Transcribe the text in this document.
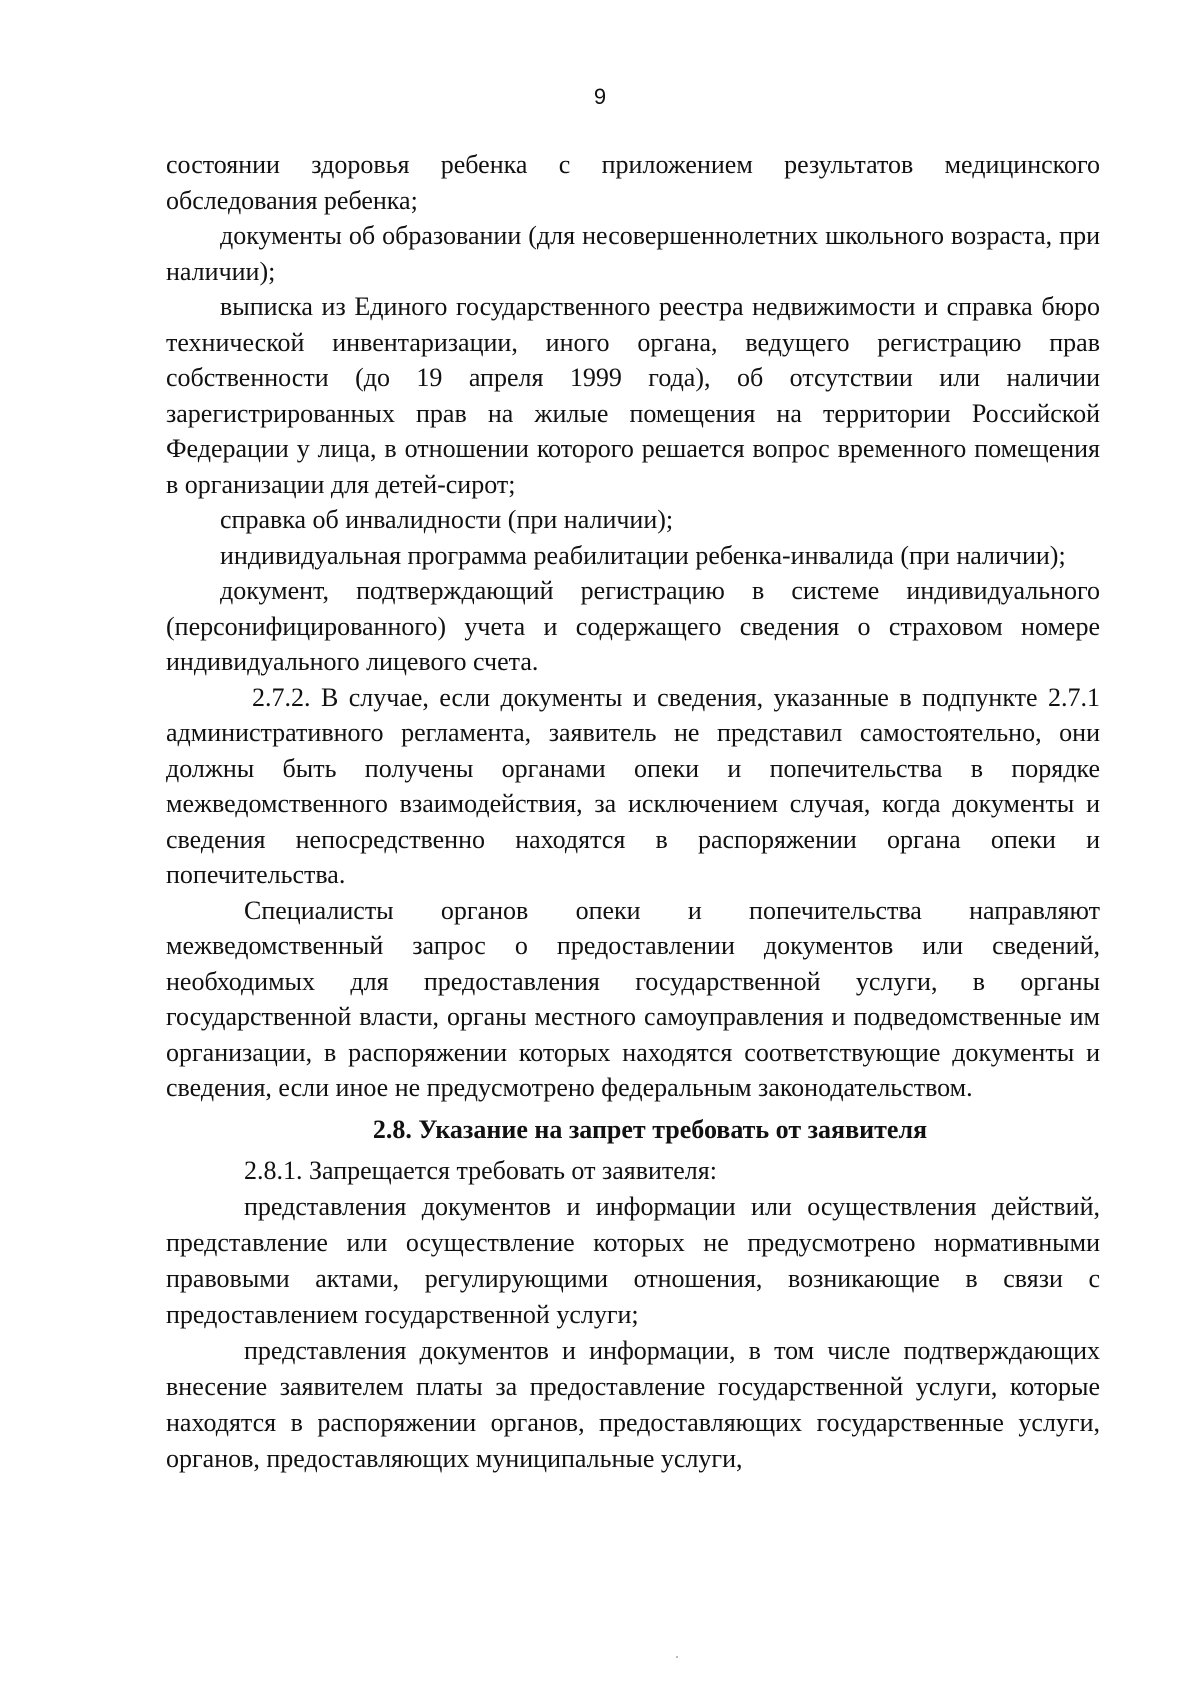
9

состоянии здоровья ребенка с приложением результатов медицинского обследования ребенка;

документы об образовании (для несовершеннолетних школьного возраста, при наличии);

выписка из Единого государственного реестра недвижимости и справка бюро технической инвентаризации, иного органа, ведущего регистрацию прав собственности (до 19 апреля 1999 года), об отсутствии или наличии зарегистрированных прав на жилые помещения на территории Российской Федерации у лица, в отношении которого решается вопрос временного помещения в организации для детей-сирот;

справка об инвалидности (при наличии);

индивидуальная программа реабилитации ребенка-инвалида (при наличии);

документ, подтверждающий регистрацию в системе индивидуального (персонифицированного) учета и содержащего сведения о страховом номере индивидуального лицевого счета.

2.7.2. В случае, если документы и сведения, указанные в подпункте 2.7.1 административного регламента, заявитель не представил самостоятельно, они должны быть получены органами опеки и попечительства в порядке межведомственного взаимодействия, за исключением случая, когда документы и сведения непосредственно находятся в распоряжении органа опеки и попечительства.

Специалисты органов опеки и попечительства направляют межведомственный запрос о предоставлении документов или сведений, необходимых для предоставления государственной услуги, в органы государственной власти, органы местного самоуправления и подведомственные им организации, в распоряжении которых находятся соответствующие документы и сведения, если иное не предусмотрено федеральным законодательством.

2.8. Указание на запрет требовать от заявителя

2.8.1. Запрещается требовать от заявителя:

представления документов и информации или осуществления действий, представление или осуществление которых не предусмотрено нормативными правовыми актами, регулирующими отношения, возникающие в связи с предоставлением государственной услуги;

представления документов и информации, в том числе подтверждающих внесение заявителем платы за предоставление государственной услуги, которые находятся в распоряжении органов, предоставляющих государственные услуги, органов, предоставляющих муниципальные услуги,
